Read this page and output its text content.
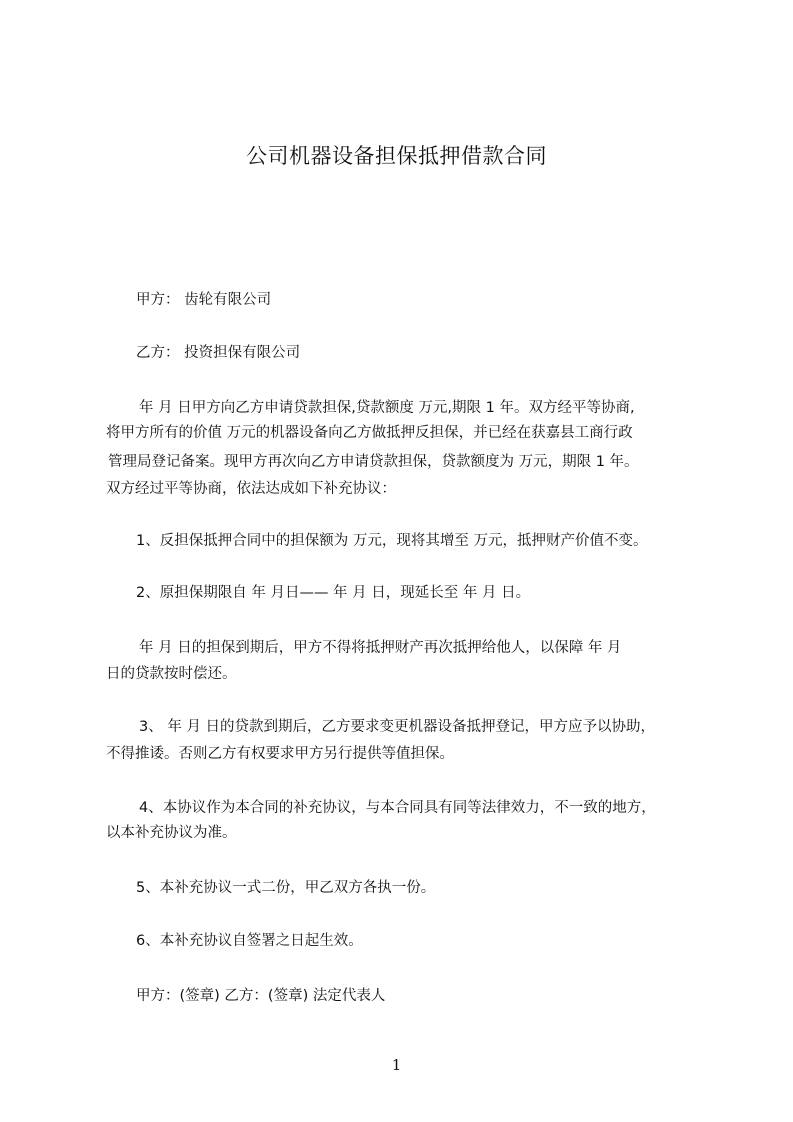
公司机器设备担保抵押借款合同
甲方： 齿轮有限公司
乙方： 投资担保有限公司
年 月 日甲方向乙方申请贷款担保,贷款额度 万元,期限 1 年。双方经平等协商,
将甲方所有的价值 万元的机器设备向乙方做抵押反担保，并已经在获嘉县工商行政
管理局登记备案。现甲方再次向乙方申请贷款担保，贷款额度为 万元，期限 1 年。
双方经过平等协商，依法达成如下补充协议：
1、反担保抵押合同中的担保额为 万元，现将其增至 万元，抵押财产价值不变。
2、原担保期限自 年 月日—— 年 月 日，现延长至 年 月 日。
年 月 日的担保到期后，甲方不得将抵押财产再次抵押给他人，以保障 年 月
日的贷款按时偿还。
3、 年 月 日的贷款到期后，乙方要求变更机器设备抵押登记，甲方应予以协助，
不得推诿。否则乙方有权要求甲方另行提供等值担保。
4、本协议作为本合同的补充协议，与本合同具有同等法律效力，不一致的地方，
以本补充协议为准。
5、本补充协议一式二份，甲乙双方各执一份。
6、本补充协议自签署之日起生效。
甲方：(签章) 乙方：(签章) 法定代表人
1
